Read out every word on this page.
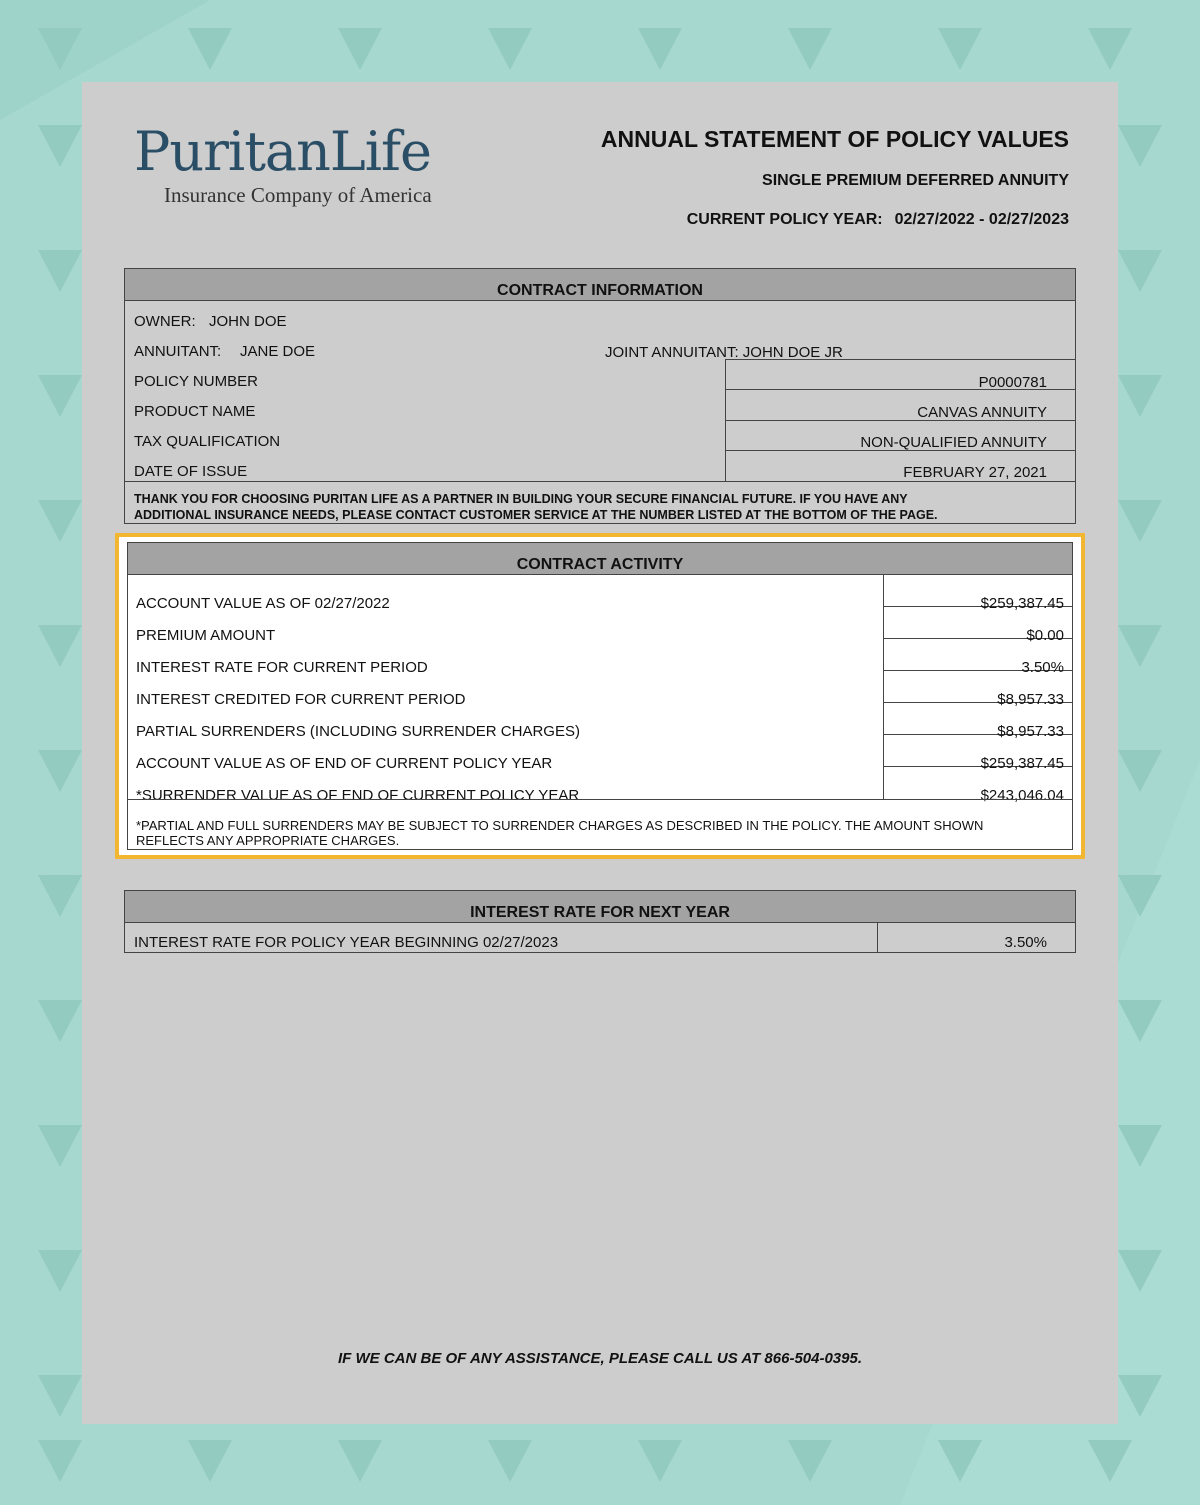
PuritanLife
Insurance Company of America
ANNUAL STATEMENT OF POLICY VALUES
SINGLE PREMIUM DEFERRED ANNUITY
CURRENT POLICY YEAR: 02/27/2022 - 02/27/2023
CONTRACT INFORMATION
OWNER: JOHN DOE
ANNUITANT: JANE DOE	JOINT ANNUITANT: JOHN DOE JR
POLICY NUMBER
PRODUCT NAME
TAX QUALIFICATION
DATE OF ISSUE
P0000781
CANVAS ANNUITY
NON-QUALIFIED ANNUITY
FEBRUARY 27, 2021
THANK YOU FOR CHOOSING PURITAN LIFE AS A PARTNER IN BUILDING YOUR SECURE FINANCIAL FUTURE. IF YOU HAVE ANY
ADDITIONAL INSURANCE NEEDS, PLEASE CONTACT CUSTOMER SERVICE AT THE NUMBER LISTED AT THE BOTTOM OF THE PAGE.
CONTRACT ACTIVITY
ACCOUNT VALUE AS OF 02/27/2022
PREMIUM AMOUNT
INTEREST RATE FOR CURRENT PERIOD
INTEREST CREDITED FOR CURRENT PERIOD
PARTIAL SURRENDERS (INCLUDING SURRENDER CHARGES)
ACCOUNT VALUE AS OF END OF CURRENT POLICY YEAR
*SURRENDER VALUE AS OF END OF CURRENT POLICY YEAR
$259,387.45
$0.00
3.50%
$8,957.33
$8,957.33
$259,387.45
$243,046.04
*PARTIAL AND FULL SURRENDERS MAY BE SUBJECT TO SURRENDER CHARGES AS DESCRIBED IN THE POLICY. THE AMOUNT SHOWN
REFLECTS ANY APPROPRIATE CHARGES.
INTEREST RATE FOR NEXT YEAR
INTEREST RATE FOR POLICY YEAR BEGINNING 02/27/2023	3.50%
IF WE CAN BE OF ANY ASSISTANCE, PLEASE CALL US AT 866-504-0395.
